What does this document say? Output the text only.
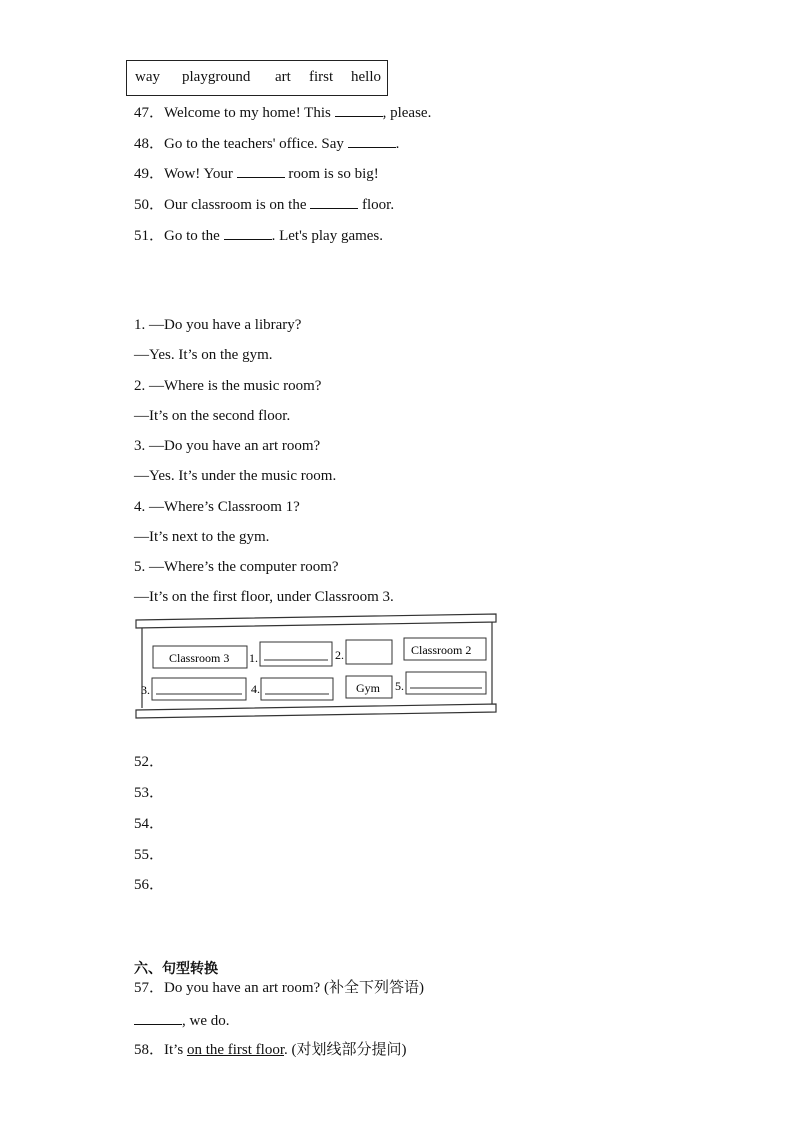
way playground art first hello
47．Welcome to my home! This	, please.
48．Go to the teachers' office. Say	.
49．Wow! Your	room is so big!
50．Our classroom is on the	floor.
51．Go to the	. Let's play games.
1. —Do you have a library?
—Yes. It’s on the gym.
2. —Where is the music room?
—It’s on the second floor.
3. —Do you have an art room?
—Yes. It’s under the music room.
4. —Where’s Classroom 1?
—It’s next to the gym.
5. —Where’s the computer room?
—It’s on the first floor, under Classroom 3.
Classroom 3 1.	2.	Classroom 2
3.	4.	Gym 5.
52．
53．
54．
55．
56．
六、句型转换
57．Do you have an art room? (补全下列答语)
, we do.
58．It’s on the first floor. (对划线部分提问)
